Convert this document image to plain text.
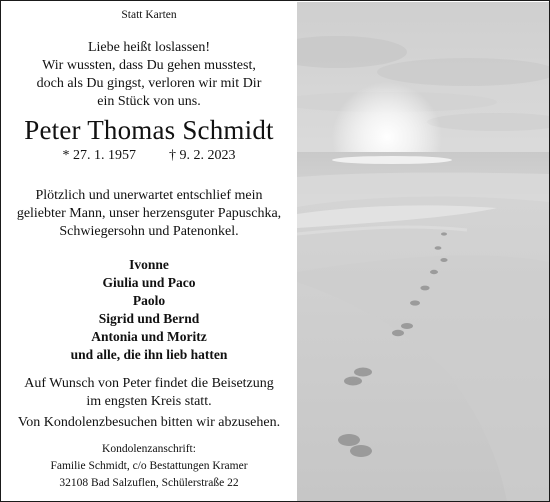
Statt Karten
Liebe heißt loslassen!
Wir wussten, dass Du gehen musstest,
doch als Du gingst, verloren wir mit Dir
ein Stück von uns.
Peter Thomas Schmidt
* 27. 1. 1957 † 9. 2. 2023
Plötzlich und unerwartet entschlief mein
geliebter Mann, unser herzensguter Papuschka,
Schwiegersohn und Patenonkel.
Ivonne
Giulia und Paco
Paolo
Sigrid und Bernd
Antonia und Moritz
und alle, die ihn lieb hatten
Auf Wunsch von Peter findet die Beisetzung
im engsten Kreis statt.
Von Kondolenzbesuchen bitten wir abzusehen.
Kondolenzanschrift:
Familie Schmidt, c/o Bestattungen Kramer
32108 Bad Salzuflen, Schülerstraße 22
